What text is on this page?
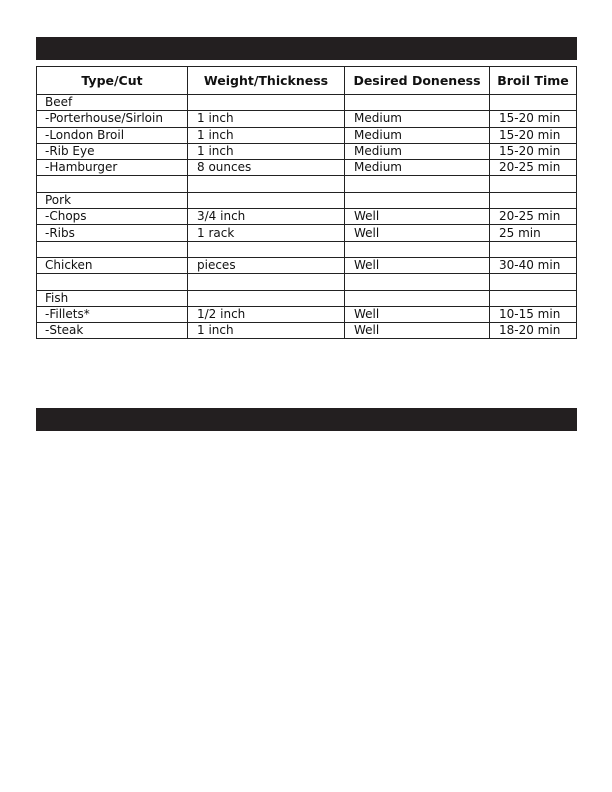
Type/Cut	Weight/Thickness	Desired Doneness	Broil Time
Beef			
-Porterhouse/Sirloin	1 inch	Medium	15-20 min
-London Broil	1 inch	Medium	15-20 min
-Rib Eye	1 inch	Medium	15-20 min
-Hamburger	8 ounces	Medium	20-25 min

Pork			
-Chops	3/4 inch	Well	20-25 min
-Ribs	1 rack	Well	25 min

Chicken	pieces	Well	30-40 min

Fish			
-Fillets*	1/2 inch	Well	10-15 min
-Steak	1 inch	Well	18-20 min
